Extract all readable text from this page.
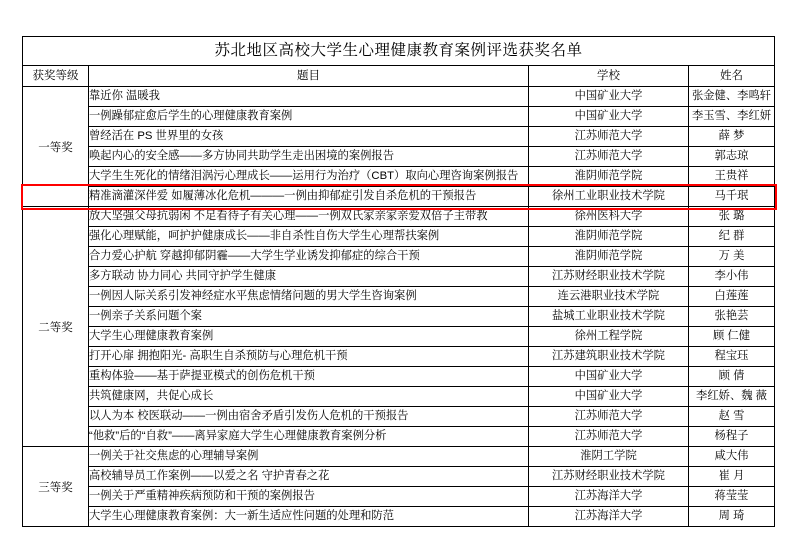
苏北地区高校大学生心理健康教育案例评选获奖名单			
获奖等级	题目	学校	姓名
一等奖	靠近你 温暖我	中国矿业大学	张金健、李鸣轩
	一例躁郁症愈后学生的心理健康教育案例	中国矿业大学	李玉雪、李红妍
	曾经活在 PS 世界里的女孩	江苏师范大学	薛 梦
	唤起内心的安全感——多方协同共助学生走出困境的案例报告	江苏师范大学	郭志琼
	大学生生死化的情绪泪涡污心理成长——运用行为治疗（CBT）取向心理咨询案例报告	淮阴师范学院	王贵祥
	精准滴灌深伴爱 如履薄冰化危机———一例由抑郁症引发自杀危机的干预报告	徐州工业职业技术学院	马千珉
二等奖	放大坚强父母抗弱闲 不足看待子有关心理——一例双氏家亲家亲爱双倍子主带教	徐州医科大学	张 璐
	强化心理赋能，呵护护健康成长——非自杀性自伤大学生心理帮扶案例	淮阴师范学院	纪 群
	合力爱心护航 穿越抑郁阴霾——大学生学业诱发抑郁症的综合干预	淮阴师范学院	万 美
	多方联动 协力同心 共同守护学生健康	江苏财经职业技术学院	李小伟
	一例因人际关系引发神经症水平焦虑情绪问题的男大学生咨询案例	连云港职业技术学院	白莲莲
	一例亲子关系问题个案	盐城工业职业技术学院	张艳芸
	大学生心理健康教育案例	徐州工程学院	顾 仁健
	打开心扉 拥抱阳光- 高职生自杀预防与心理危机干预	江苏建筑职业技术学院	程宝珏
	重构体验——基于萨提亚模式的创伤危机干预	中国矿业大学	顾 倩
	共筑健康网，共促心成长	中国矿业大学	李红娇、魏 薇
	以人为本 校医联动——一例由宿舍矛盾引发伤人危机的干预报告	江苏师范大学	赵 雪
	“他救”后的“自救”——离异家庭大学生心理健康教育案例分析	江苏师范大学	杨程子
三等奖	一例关于社交焦虑的心理辅导案例	淮阴工学院	咸大伟
	高校辅导员工作案例——以爱之名 守护青春之花	江苏财经职业技术学院	崔 月
	一例关于严重精神疾病预防和干预的案例报告	江苏海洋大学	蒋莹莹
	大学生心理健康教育案例：大一新生适应性问题的处理和防范	江苏海洋大学	周 琦
